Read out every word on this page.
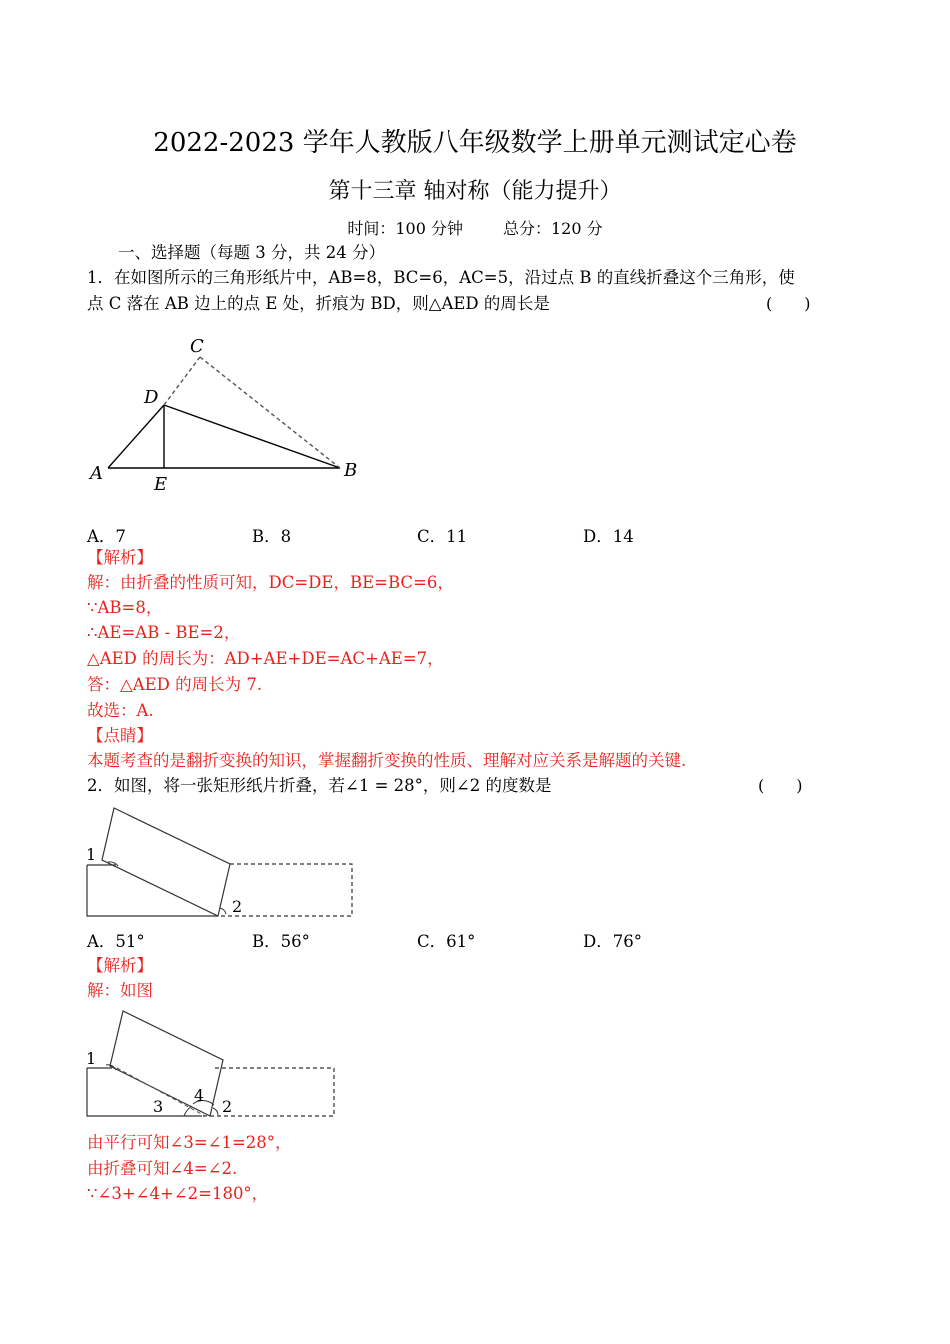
2022-2023 学年人教版八年级数学上册单元测试定心卷
第十三章 轴对称（能力提升）
时间：100 分钟	总分：120 分
一、选择题（每题 3 分，共 24 分）
1．在如图所示的三角形纸片中，AB=8，BC=6，AC=5，沿过点 B 的直线折叠这个三角形，使
点 C 落在 AB 边上的点 E 处，折痕为 BD，则△AED 的周长是	(　　)
A	B
C
D
E
A．7	B．8	C．11	D．14
【解析】
解：由折叠的性质可知，DC=DE，BE=BC=6，
∵AB=8，
∴AE=AB - BE=2，
△AED 的周长为：AD+AE+DE=AC+AE=7，
答：△AED 的周长为 7.
故选：A.
【点睛】
本题考查的是翻折变换的知识，掌握翻折变换的性质、理解对应关系是解题的关键.
2．如图，将一张矩形纸片折叠，若∠1 = 28°，则∠2 的度数是	(　　)
1
2
A．51°	B．56°	C．61°	D．76°
【解析】
解：如图
1
3
4
2
由平行可知∠3=∠1=28°，
由折叠可知∠4=∠2.
∵∠3+∠4+∠2=180°，
